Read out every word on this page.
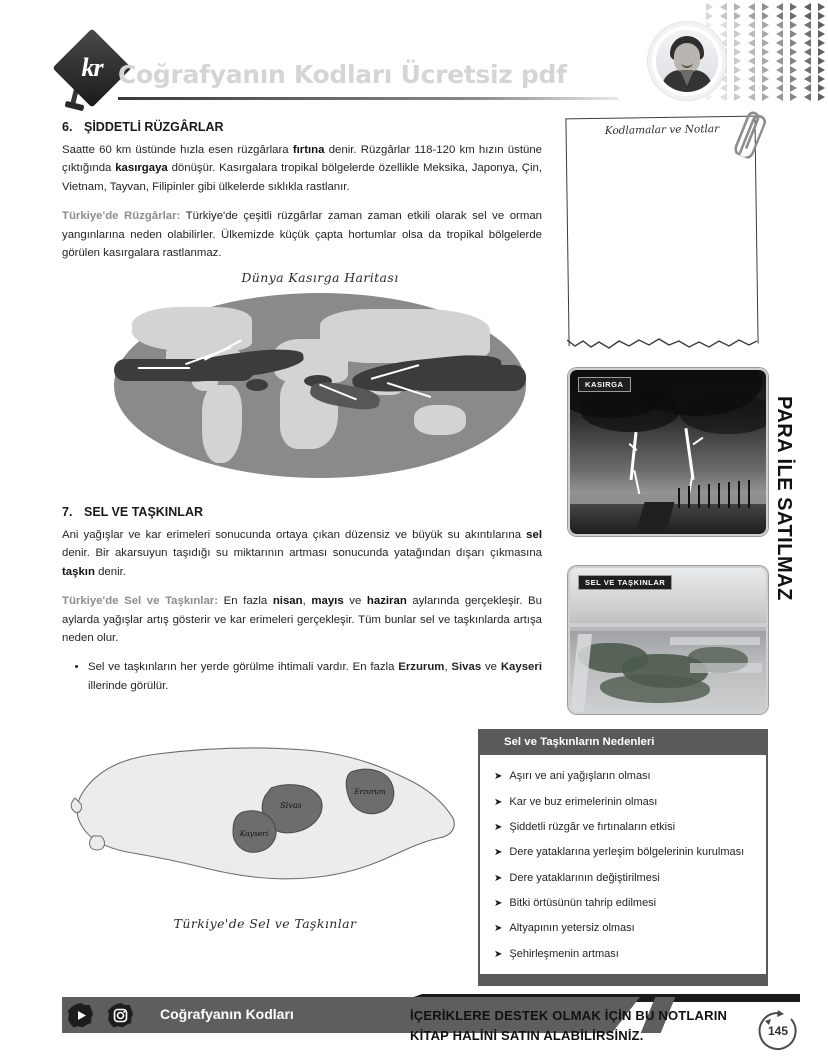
kr Coğrafyanın Kodları Ücretsiz pdf
6. ŞİDDETLİ RÜZGÂRLAR

Saatte 60 km üstünde hızla esen rüzgârlara fırtına denir. Rüzgârlar 118-120 km hızın üstüne çıktığında kasırgaya dönüşür. Kasırgalara tropikal bölgelerde özellikle Meksika, Japonya, Çin, Vietnam, Tayvan, Filipinler gibi ülkelerde sıklıkla rastlanır.

Türkiye'de Rüzgârlar: Türkiye'de çeşitli rüzgârlar zaman zaman etkili olarak sel ve orman yangınlarına neden olabilirler. Ülkemizde küçük çapta hortumlar olsa da tropikal bölgelerde görülen kasırgalara rastlanmaz.

Dünya Kasırga Haritası
7. SEL VE TAŞKINLAR

Ani yağışlar ve kar erimeleri sonucunda ortaya çıkan düzensiz ve büyük su akıntılarına sel denir. Bir akarsuyun taşıdığı su miktarının artması sonucunda yatağından dışarı çıkmasına taşkın denir.

Türkiye'de Sel ve Taşkınlar: En fazla nisan, mayıs ve haziran aylarında gerçekleşir. Bu aylarda yağışlar artış gösterir ve kar erimeleri gerçekleşir. Tüm bunlar sel ve taşkınlarda artışa neden olur.

• Sel ve taşkınların her yerde görülme ihtimali vardır. En fazla Erzurum, Sivas ve Kayseri illerinde görülür.
Sivas
Kayseri
Erzurum
Türkiye'de Sel ve Taşkınlar
Kodlamalar ve Notlar
KASIRGA
SEL VE TAŞKINLAR	PARA İLE SATILMAZ
Sel ve Taşkınların Nedenleri
➤ Aşırı ve ani yağışların olması
➤ Kar ve buz erimelerinin olması
➤ Şiddetli rüzgâr ve fırtınaların etkisi
➤ Dere yataklarına yerleşim bölgelerinin kurulması
➤ Dere yataklarının değiştirilmesi
➤ Bitki örtüsünün tahrip edilmesi
➤ Altyapının yetersiz olması
➤ Şehirleşmenin artması
Coğrafyanın Kodları	İÇERİKLERE DESTEK OLMAK İÇİN BU NOTLARIN KİTAP HALİNİ SATIN ALABİLİRSİNİZ.	145
